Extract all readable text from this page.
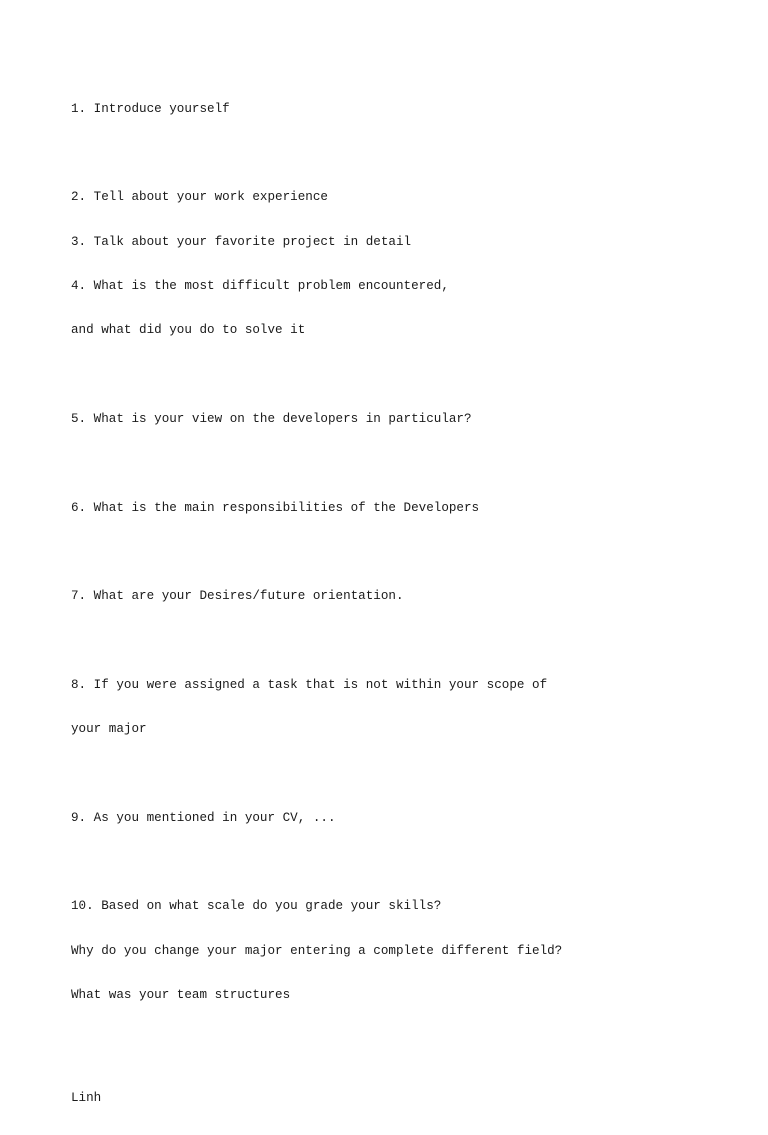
1. Introduce yourself

2. Tell about your work experience

3. Talk about your favorite project in detail

4. What is the most difficult problem encountered,

and what did you do to solve it

5. What is your view on the developers in particular?

6. What is the main responsibilities of the Developers

7. What are your Desires/future orientation.

8. If you were assigned a task that is not within your scope of

your major

9. As you mentioned in your CV, ...

10. Based on what scale do you grade your skills?

Why do you change your major entering a complete different field?

What was your team structures

Linh
